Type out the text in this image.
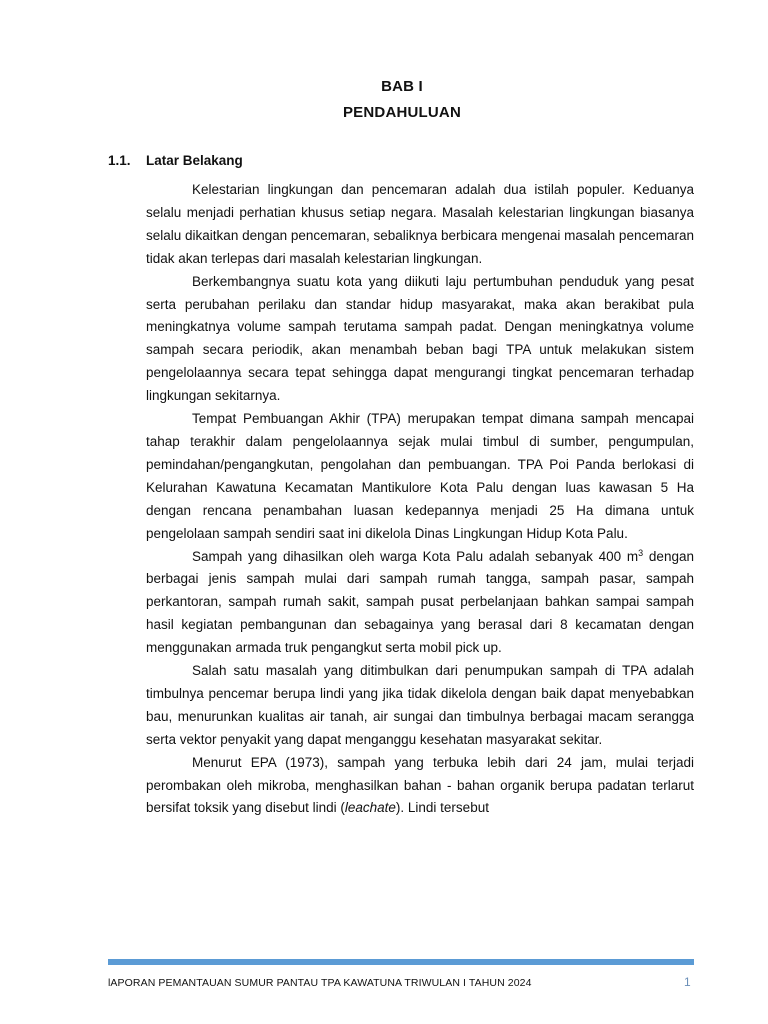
BAB I
PENDAHULUAN
1.1. Latar Belakang

Kelestarian lingkungan dan pencemaran adalah dua istilah populer. Keduanya selalu menjadi perhatian khusus setiap negara. Masalah kelestarian lingkungan biasanya selalu dikaitkan dengan pencemaran, sebaliknya berbicara mengenai masalah pencemaran tidak akan terlepas dari masalah kelestarian lingkungan.

Berkembangnya suatu kota yang diikuti laju pertumbuhan penduduk yang pesat serta perubahan perilaku dan standar hidup masyarakat, maka akan berakibat pula meningkatnya volume sampah terutama sampah padat. Dengan meningkatnya volume sampah secara periodik, akan menambah beban bagi TPA untuk melakukan sistem pengelolaannya secara tepat sehingga dapat mengurangi tingkat pencemaran terhadap lingkungan sekitarnya.

Tempat Pembuangan Akhir (TPA) merupakan tempat dimana sampah mencapai tahap terakhir dalam pengelolaannya sejak mulai timbul di sumber, pengumpulan, pemindahan/pengangkutan, pengolahan dan pembuangan. TPA Poi Panda berlokasi di Kelurahan Kawatuna Kecamatan Mantikulore Kota Palu dengan luas kawasan 5 Ha dengan rencana penambahan luasan kedepannya menjadi 25 Ha dimana untuk pengelolaan sampah sendiri saat ini dikelola Dinas Lingkungan Hidup Kota Palu.

Sampah yang dihasilkan oleh warga Kota Palu adalah sebanyak 400 $m^3$ dengan berbagai jenis sampah mulai dari sampah rumah tangga, sampah pasar, sampah perkantoran, sampah rumah sakit, sampah pusat perbelanjaan bahkan sampai sampah hasil kegiatan pembangunan dan sebagainya yang berasal dari 8 kecamatan dengan menggunakan armada truk pengangkut serta mobil pick up.

Salah satu masalah yang ditimbulkan dari penumpukan sampah di TPA adalah timbulnya pencemar berupa lindi yang jika tidak dikelola dengan baik dapat menyebabkan bau, menurunkan kualitas air tanah, air sungai dan timbulnya berbagai macam serangga serta vektor penyakit yang dapat menganggu kesehatan masyarakat sekitar.

Menurut EPA (1973), sampah yang terbuka lebih dari 24 jam, mulai terjadi perombakan oleh mikroba, menghasilkan bahan - bahan organik berupa padatan terlarut bersifat toksik yang disebut lindi (leachate). Lindi tersebut

lAPORAN PEMANTAUAN SUMUR PANTAU TPA KAWATUNA TRIWULAN I TAHUN 2024	1
